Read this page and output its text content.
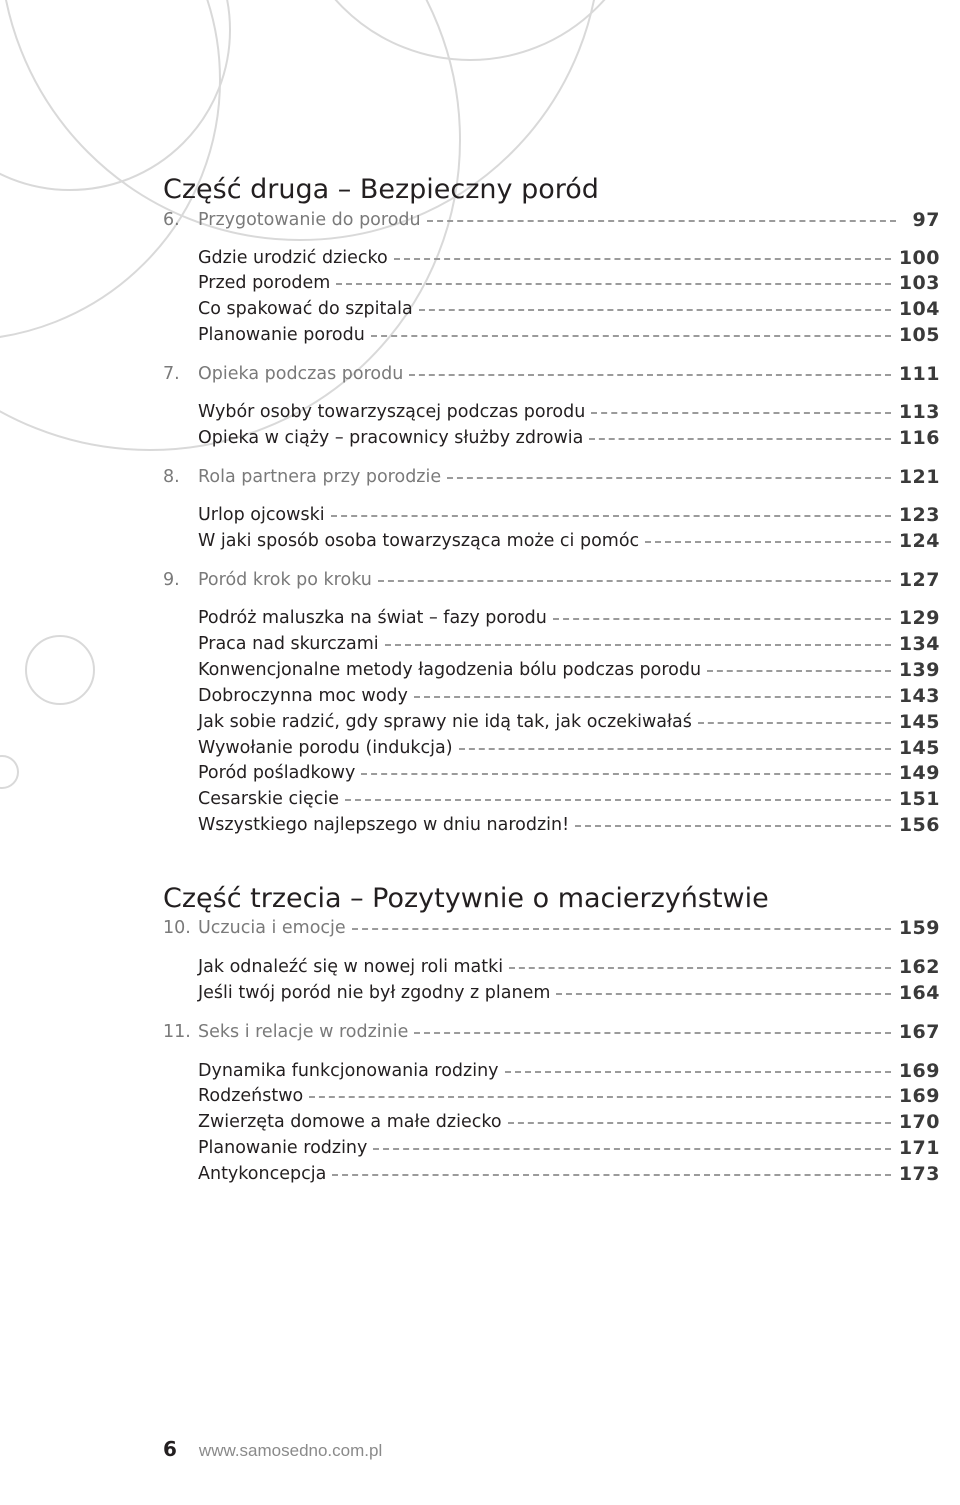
Część druga – Bezpieczny poród
6.	Przygotowanie do porodu	97
Gdzie urodzić dziecko	100
Przed porodem	103
Co spakować do szpitala	104
Planowanie porodu	105
7.	Opieka podczas porodu	111
Wybór osoby towarzyszącej podczas porodu	113
Opieka w ciąży – pracownicy służby zdrowia	116
8.	Rola partnera przy porodzie	121
Urlop ojcowski	123
W jaki sposób osoba towarzysząca może ci pomóc	124
9.	Poród krok po kroku	127
Podróż maluszka na świat – fazy porodu	129
Praca nad skurczami	134
Konwencjonalne metody łagodzenia bólu podczas porodu	139
Dobroczynna moc wody	143
Jak sobie radzić, gdy sprawy nie idą tak, jak oczekiwałaś	145
Wywołanie porodu (indukcja)	145
Poród pośladkowy	149
Cesarskie cięcie	151
Wszystkiego najlepszego w dniu narodzin!	156
Część trzecia – Pozytywnie o macierzyństwie
10. Uczucia i emocje	159
Jak odnaleźć się w nowej roli matki	162
Jeśli twój poród nie był zgodny z planem	164
11. Seks i relacje w rodzinie	167
Dynamika funkcjonowania rodziny	169
Rodzeństwo	169
Zwierzęta domowe a małe dziecko	170
Planowanie rodziny	171
Antykoncepcja	173
6 www.samosedno.com.pl
